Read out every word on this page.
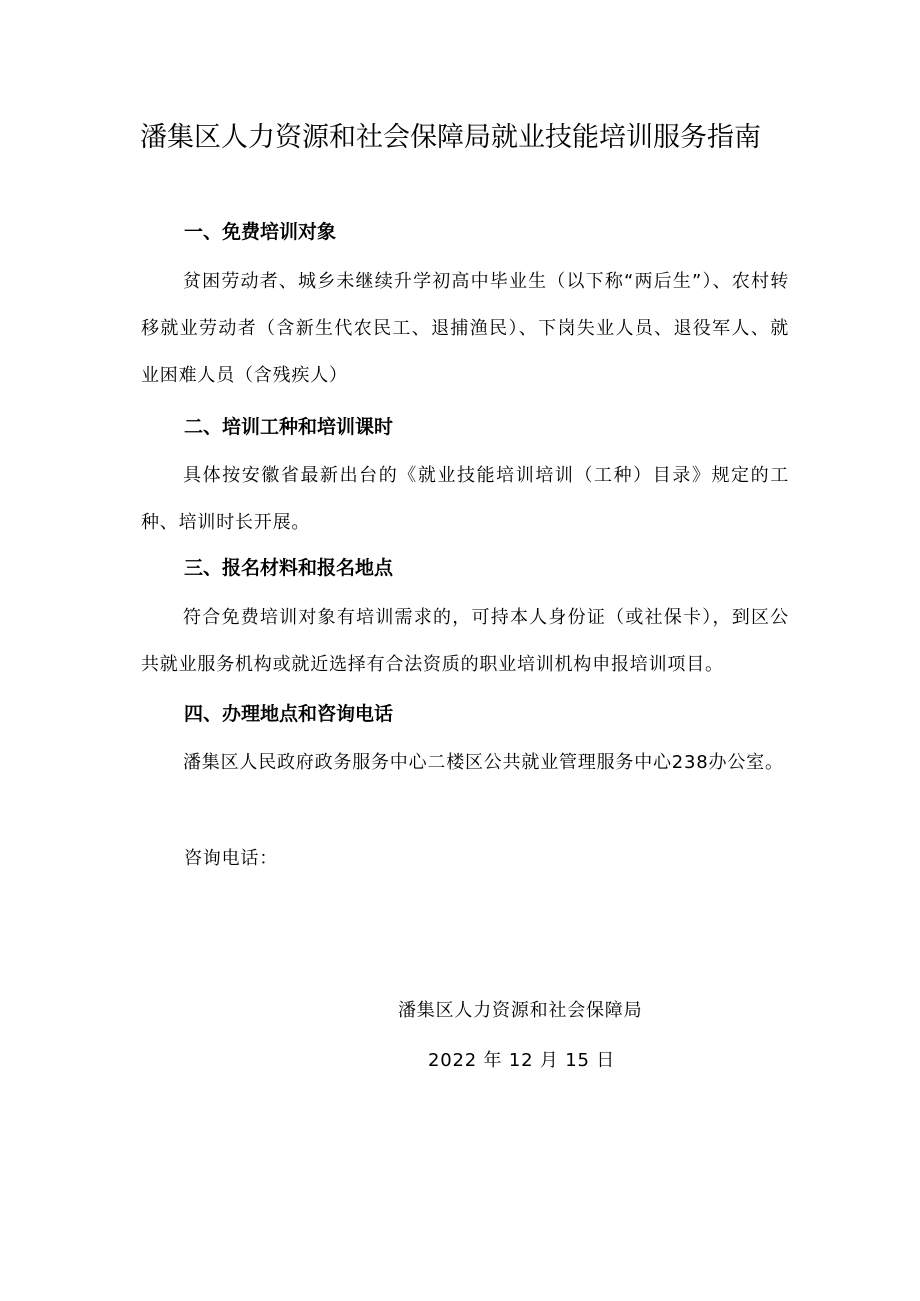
潘集区人力资源和社会保障局就业技能培训服务指南
一、免费培训对象
贫困劳动者、城乡未继续升学初高中毕业生（以下称“两后生”）、农村转移就业劳动者（含新生代农民工、退捕渔民）、下岗失业人员、退役军人、就业困难人员（含残疾人）
二、培训工种和培训课时
具体按安徽省最新出台的《就业技能培训培训（工种）目录》规定的工种、培训时长开展。
三、报名材料和报名地点
符合免费培训对象有培训需求的，可持本人身份证（或社保卡），到区公共就业服务机构或就近选择有合法资质的职业培训机构申报培训项目。
四、办理地点和咨询电话
潘集区人民政府政务服务中心二楼区公共就业管理服务中心238办公室。
咨询电话：
潘集区人力资源和社会保障局
2022 年 12 月 15 日
